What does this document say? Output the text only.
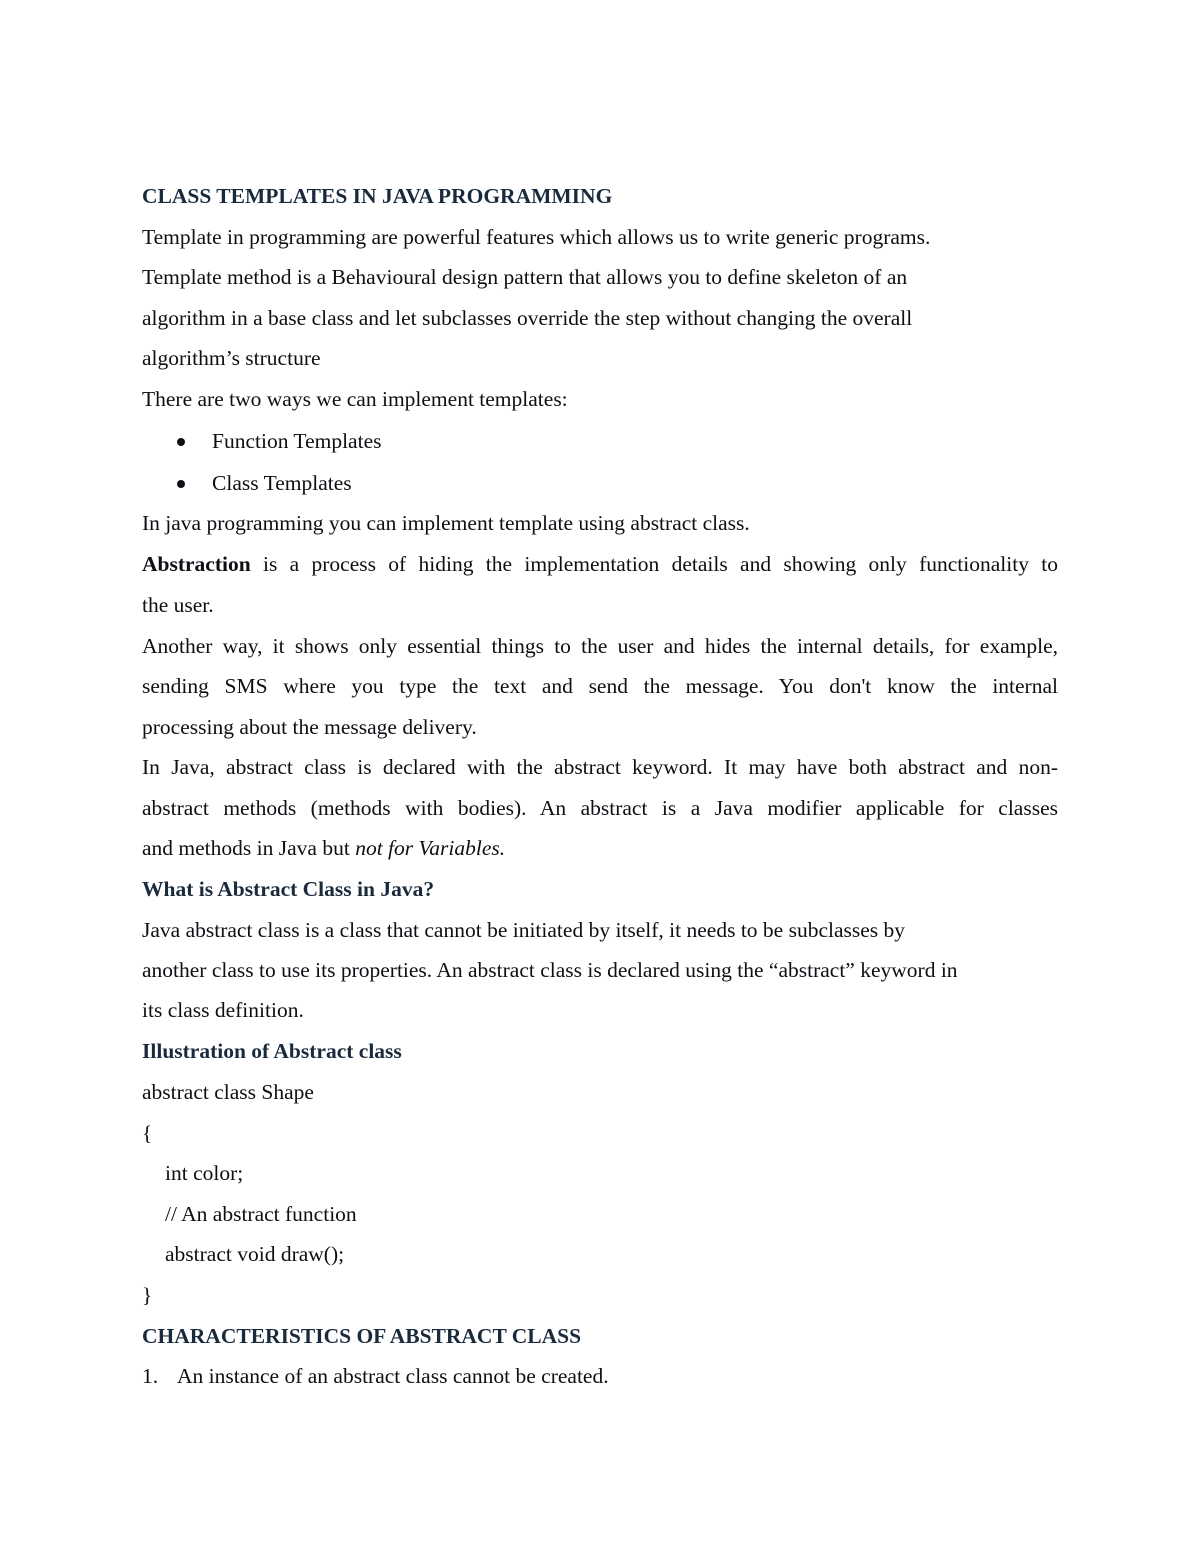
CLASS TEMPLATES IN JAVA PROGRAMMING
Template in programming are powerful features which allows us to write generic programs.
Template method is a Behavioural design pattern that allows you to define skeleton of an
algorithm in a base class and let subclasses override the step without changing the overall
algorithm’s structure
There are two ways we can implement templates:
Function Templates
Class Templates
In java programming you can implement template using abstract class.
Abstraction is a process of hiding the implementation details and showing only functionality to
the user.
Another way, it shows only essential things to the user and hides the internal details, for example,
sending SMS where you type the text and send the message. You don't know the internal
processing about the message delivery.
In Java, abstract class is declared with the abstract keyword. It may have both abstract and non-
abstract methods (methods with bodies). An abstract is a Java modifier applicable for classes
and methods in Java but not for Variables.
What is Abstract Class in Java?
Java abstract class is a class that cannot be initiated by itself, it needs to be subclasses by
another class to use its properties. An abstract class is declared using the “abstract” keyword in
its class definition.
Illustration of Abstract class
abstract class Shape
{
int color;
// An abstract function
abstract void draw();
}
CHARACTERISTICS OF ABSTRACT CLASS
1. An instance of an abstract class cannot be created.
